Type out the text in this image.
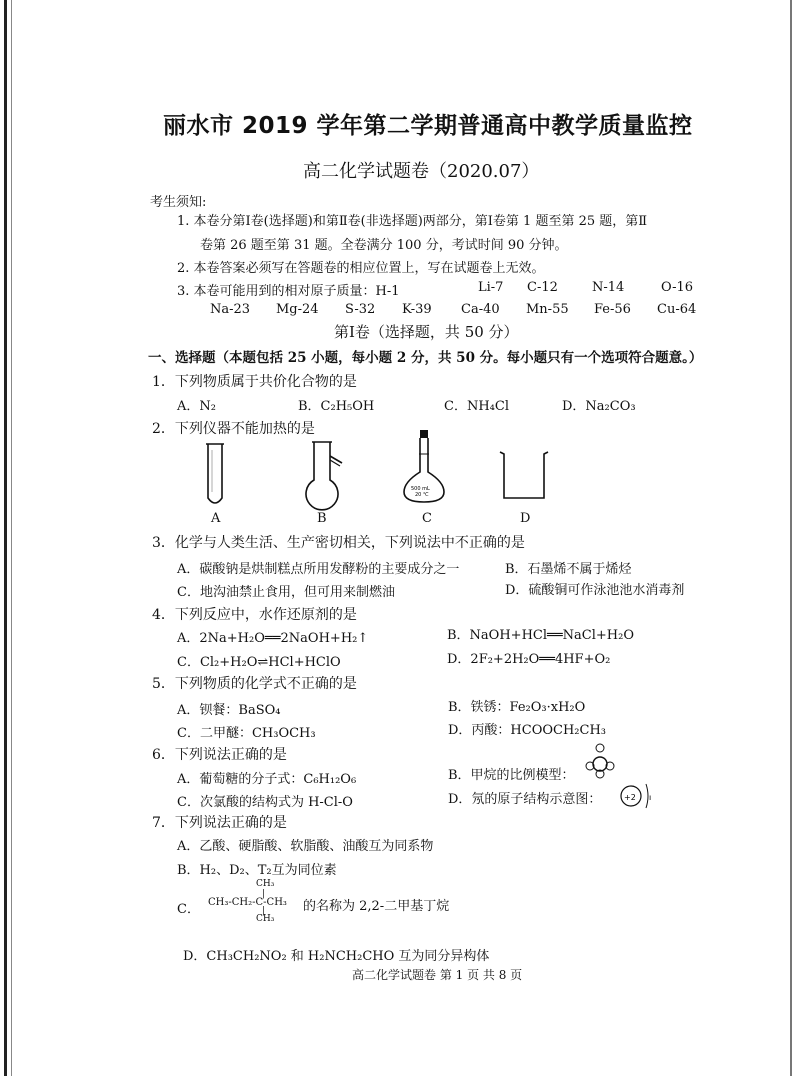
丽水市 2019 学年第二学期普通高中教学质量监控
高二化学试题卷（2020.07）
考生须知:
1. 本卷分第Ⅰ卷(选择题)和第Ⅱ卷(非选择题)两部分，第Ⅰ卷第 1 题至第 25 题，第Ⅱ
卷第 26 题至第 31 题。全卷满分 100 分，考试时间 90 分钟。
2. 本卷答案必须写在答题卷的相应位置上，写在试题卷上无效。
3. 本卷可能用到的相对原子质量：H-1	Li-7 C-12	N-14	O-16
Na-23 Mg-24 S-32 K-39 Ca-40 Mn-55 Fe-56 Cu-64
第Ⅰ卷（选择题，共 50 分）
一、选择题（本题包括 25 小题，每小题 2 分，共 50 分。每小题只有一个选项符合题意。）
1．下列物质属于共价化合物的是
A．N₂	B．C₂H₅OH	C．NH₄Cl	D．Na₂CO₃
2．下列仪器不能加热的是
500 mL
20 ℃
A	B	C	D
3．化学与人类生活、生产密切相关，下列说法中不正确的是
A．碳酸钠是烘制糕点所用发酵粉的主要成分之一	B．石墨烯不属于烯烃
C．地沟油禁止食用，但可用来制燃油	D．硫酸铜可作泳池池水消毒剂
4．下列反应中，水作还原剂的是
A．2Na+H₂O══2NaOH+H₂↑	B．NaOH+HCl══NaCl+H₂O
C．Cl₂+H₂O⇌HCl+HClO	D．2F₂+2H₂O══4HF+O₂
5．下列物质的化学式不正确的是
A．钡餐：BaSO₄	B．铁锈：Fe₂O₃·xH₂O
C．二甲醚：CH₃OCH₃	D．丙酸：HCOOCH₂CH₃
6．下列说法正确的是
A．葡萄糖的分子式：C₆H₁₂O₆	B．甲烷的比例模型：
C．次氯酸的结构式为 H-Cl-O	D．氖的原子结构示意图：	+2 ı
7．下列说法正确的是
A．乙酸、硬脂酸、软脂酸、油酸互为同系物
B．H₂、D₂、T₂互为同位素
C．
CH₃
|
CH₃-CH₂-C-CH₃
|
CH₃
的名称为 2,2-二甲基丁烷
D．CH₃CH₂NO₂ 和 H₂NCH₂CHO 互为同分异构体
高二化学试题卷 第 1 页 共 8 页
